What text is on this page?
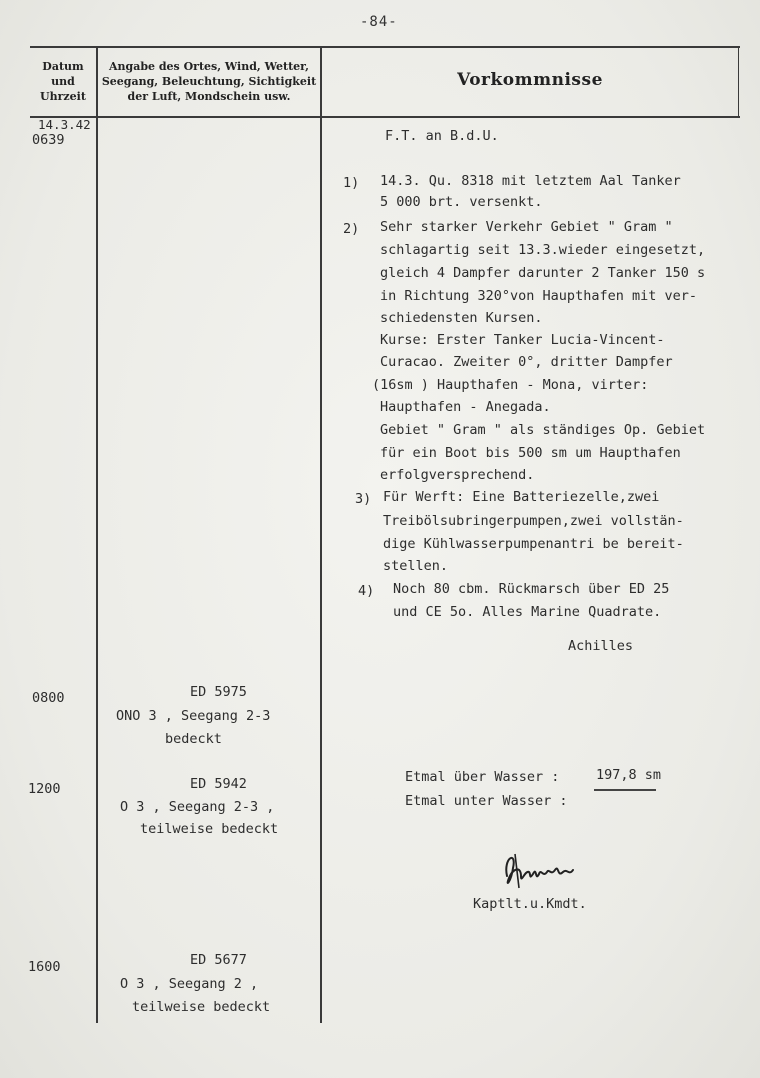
-84-
Datum
und
Uhrzeit
Angabe des Ortes, Wind, Wetter,
Seegang, Beleuchtung, Sichtigkeit
der Luft, Mondschein usw.
Vorkommnisse
14.3.42
0639
0800
1200
1600
ED 5975
ONO 3 , Seegang 2-3
bedeckt
ED 5942
O 3 , Seegang 2-3 ,
teilweise bedeckt
ED 5677
O 3 , Seegang 2 ,
teilweise bedeckt
F.T. an B.d.U.
1) 14.3. Qu. 8318 mit letztem Aal Tanker
5 000 brt. versenkt.
2) Sehr starker Verkehr Gebiet " Gram "
schlagartig seit 13.3.wieder eingesetzt,
gleich 4 Dampfer darunter 2 Tanker 150 s
in Richtung 320°von Haupthafen mit ver-
schiedensten Kursen.
Kurse: Erster Tanker Lucia-Vincent-
Curacao. Zweiter 0°, dritter Dampfer
(16sm ) Haupthafen - Mona, virter:
Haupthafen - Anegada.
Gebiet " Gram " als ständiges Op. Gebiet
für ein Boot bis 500 sm um Haupthafen
erfolgversprechend.
3) Für Werft: Eine Batteriezelle,zwei
Treibölsubringerpumpen,zwei vollstän-
dige Kühlwasserpumpenantri be bereit-
stellen.
4) Noch 80 cbm. Rückmarsch über ED 25
und CE 5o. Alles Marine Quadrate.
Achilles
Etmal über Wasser :	197,8 sm
Etmal unter Wasser :
Kaptlt.u.Kmdt.
